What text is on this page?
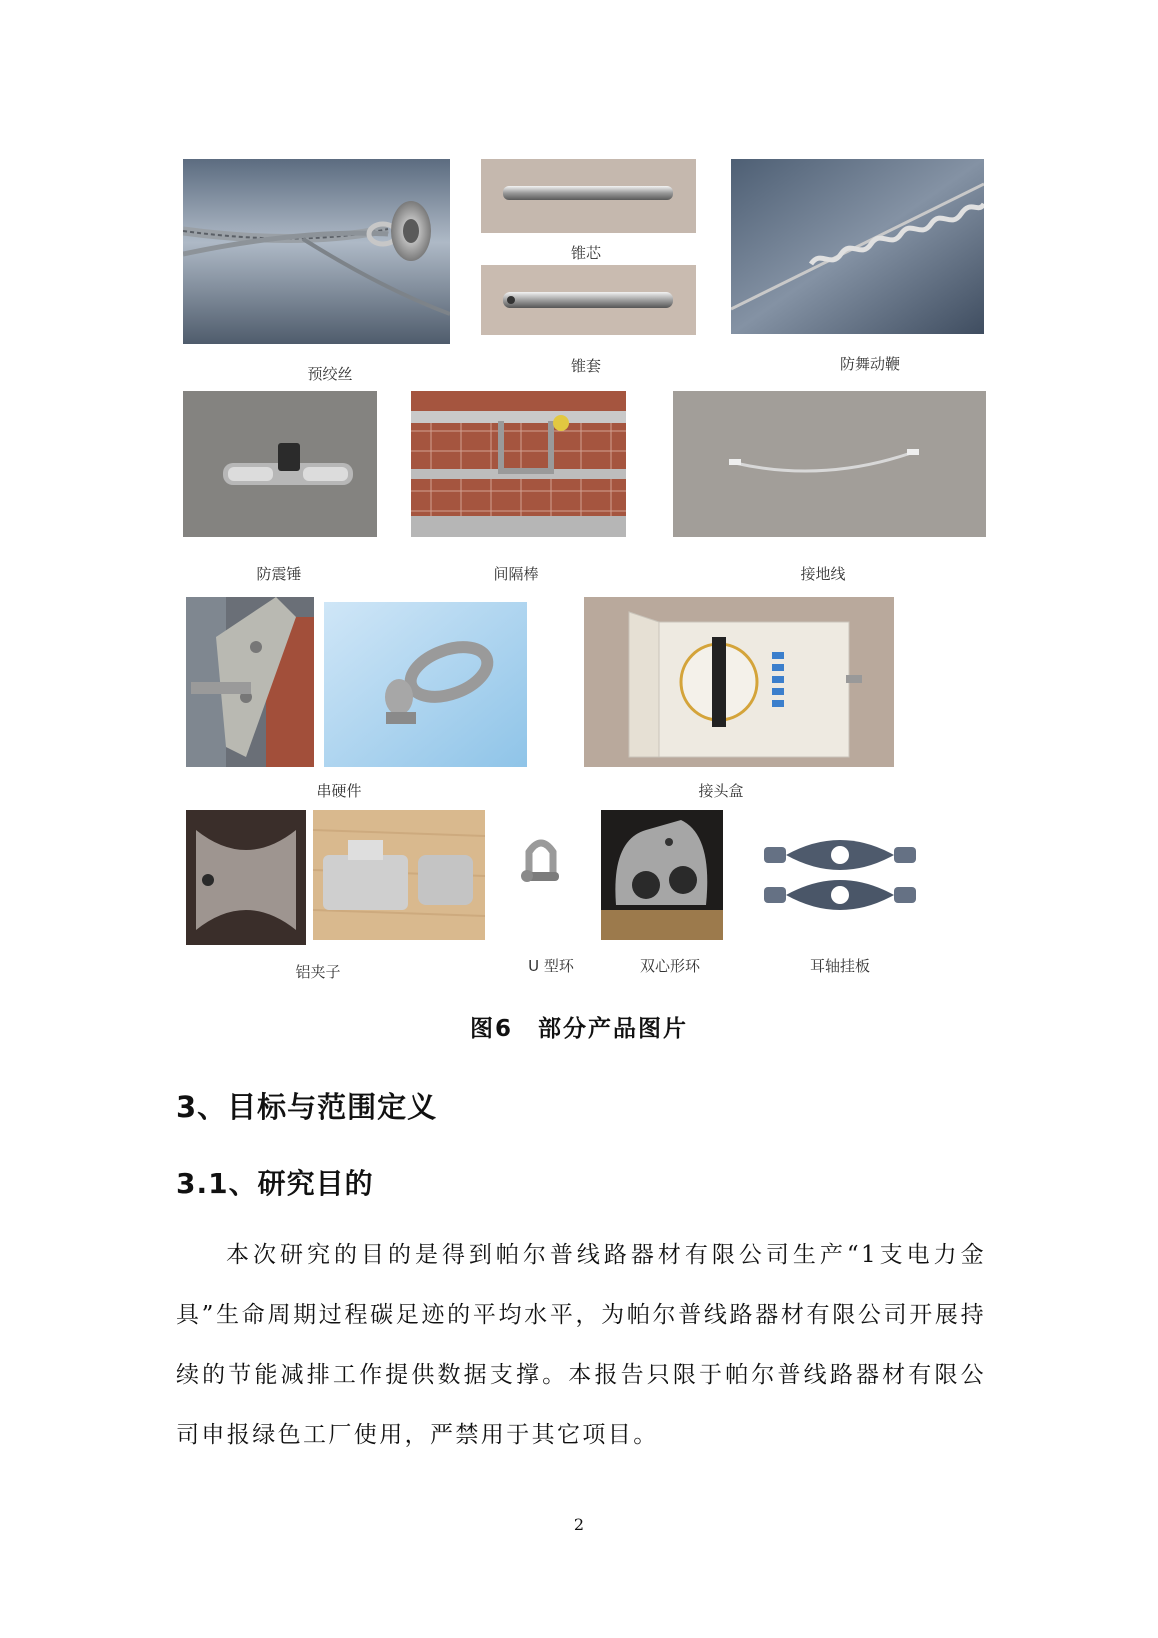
锥芯
锥套	防舞动鞭
预绞丝
防震锤	间隔棒	接地线
串硬件	接头盒
铝夹子	U 型环	双心形环	耳轴挂板
图6　部分产品图片
3、目标与范围定义
3.1、研究目的
本次研究的目的是得到帕尔普线路器材有限公司生产“1支电力金具”生命周期过程碳足迹的平均水平，为帕尔普线路器材有限公司开展持续的节能减排工作提供数据支撑。本报告只限于帕尔普线路器材有限公司申报绿色工厂使用，严禁用于其它项目。
2
